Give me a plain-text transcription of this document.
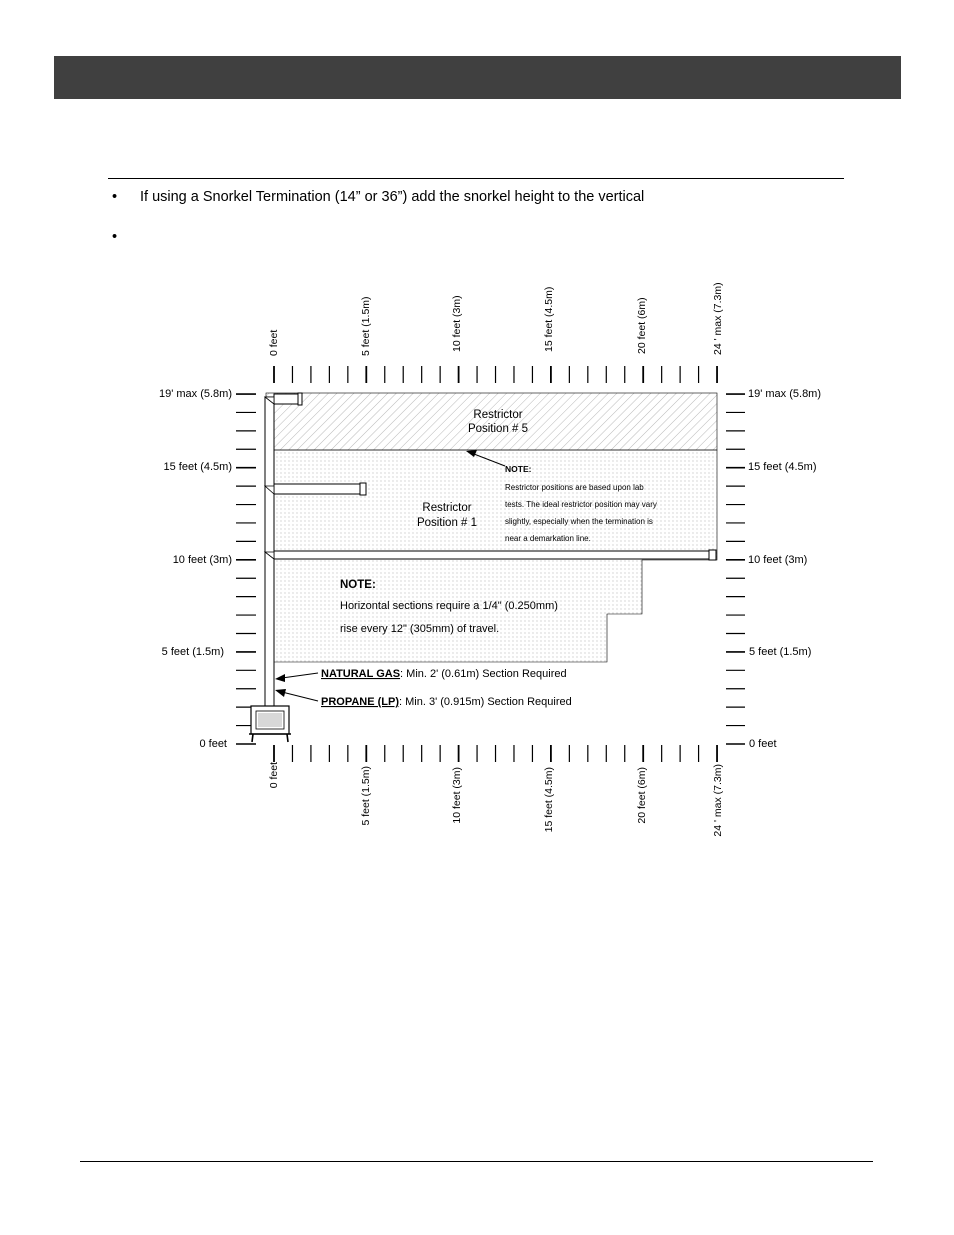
• If using a Snorkel Termination (14” or 36”) add the snorkel height to the vertical
•
0 feet	5 feet (1.5m)	10 feet (3m)	15 feet (4.5m)	20 feet (6m)	24 ' max (7.3m)
0 feet	5 feet (1.5m)	10 feet (3m)	15 feet (4.5m)	20 feet (6m)	24 ' max (7.3m)
19' max (5.8m)
15 feet (4.5m)
10 feet (3m)
5 feet (1.5m)
0 feet
19' max (5.8m)
15 feet (4.5m)
10 feet (3m)
5 feet (1.5m)
0 feet
Restrictor
Position # 5
Restrictor
Position # 1
NOTE:
Restrictor positions are based upon lab
tests. The ideal restrictor position may vary
slightly, especially when the termination is
near a demarkation line.
NOTE:
Horizontal sections require a 1/4" (0.250mm)
rise every 12" (305mm) of travel.
NATURAL GAS: Min. 2' (0.61m) Section Required
PROPANE (LP): Min. 3' (0.915m) Section Required
